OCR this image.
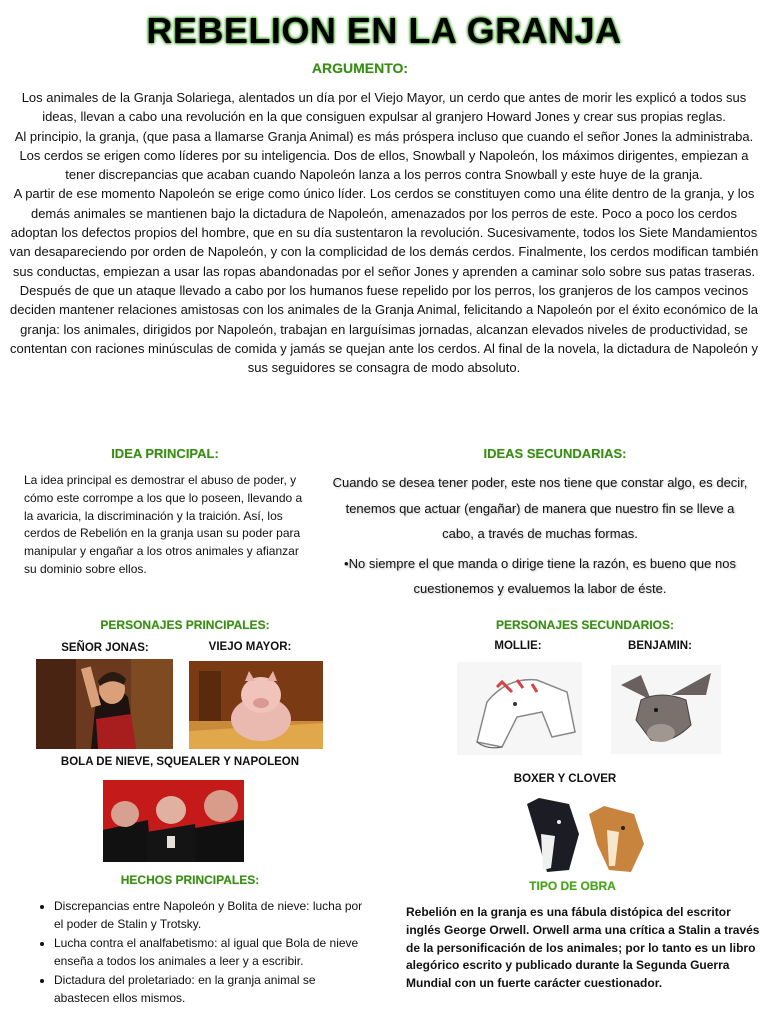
REBELION EN LA GRANJA
ARGUMENTO:

Los animales de la Granja Solariega, alentados un día por el Viejo Mayor, un cerdo que antes de morir les explicó a todos sus ideas, llevan a cabo una revolución en la que consiguen expulsar al granjero Howard Jones y crear sus propias reglas.

Al principio, la granja, (que pasa a llamarse Granja Animal) es más próspera incluso que cuando el señor Jones la administraba. Los cerdos se erigen como líderes por su inteligencia. Dos de ellos, Snowball y Napoleón, los máximos dirigentes, empiezan a tener discrepancias que acaban cuando Napoleón lanza a los perros contra Snowball y este huye de la granja.

A partir de ese momento Napoleón se erige como único líder. Los cerdos se constituyen como una élite dentro de la granja, y los demás animales se mantienen bajo la dictadura de Napoleón, amenazados por los perros de este. Poco a poco los cerdos adoptan los defectos propios del hombre, que en su día sustentaron la revolución. Sucesivamente, todos los Siete Mandamientos van desapareciendo por orden de Napoleón, y con la complicidad de los demás cerdos. Finalmente, los cerdos modifican también sus conductas, empiezan a usar las ropas abandonadas por el señor Jones y aprenden a caminar solo sobre sus patas traseras. Después de que un ataque llevado a cabo por los humanos fuese repelido por los perros, los granjeros de los campos vecinos deciden mantener relaciones amistosas con los animales de la Granja Animal, felicitando a Napoleón por el éxito económico de la granja: los animales, dirigidos por Napoleón, trabajan en larguísimas jornadas, alcanzan elevados niveles de productividad, se contentan con raciones minúsculas de comida y jamás se quejan ante los cerdos. Al final de la novela, la dictadura de Napoleón y sus seguidores se consagra de modo absoluto.

IDEA PRINCIPAL:
La idea principal es demostrar el abuso de poder, y cómo este corrompe a los que lo poseen, llevando a la avaricia, la discriminación y la traición. Así, los cerdos de Rebelión en la granja usan su poder para manipular y engañar a los otros animales y afianzar su dominio sobre ellos.
IDEAS SECUNDARIAS:

Cuando se desea tener poder, este nos tiene que constar algo, es decir, tenemos que actuar (engañar) de manera que nuestro fin se lleve a cabo, a través de muchas formas.

•No siempre el que manda o dirige tiene la razón, es bueno que nos cuestionemos y evaluemos la labor de éste.

PERSONAJES PRINCIPALES:
SEÑOR JONAS:	VIEJO MAYOR:
BOLA DE NIEVE, SQUEALER Y NAPOLEON
PERSONAJES SECUNDARIOS:
MOLLIE:	BENJAMIN:
BOXER Y CLOVER
HECHOS PRINCIPALES:
• Discrepancias entre Napoleón y Bolita de nieve: lucha por el poder de Stalin y Trotsky.
• Lucha contra el analfabetismo: al igual que Bola de nieve enseña a todos los animales a leer y a escribir.
• Dictadura del proletariado: en la granja animal se abastecen ellos mismos.
TIPO DE OBRA
Rebelión en la granja es una fábula distópica del escritor inglés George Orwell. Orwell arma una crítica a Stalin a través de la personificación de los animales; por lo tanto es un libro alegórico escrito y publicado durante la Segunda Guerra Mundial con un fuerte carácter cuestionador.
